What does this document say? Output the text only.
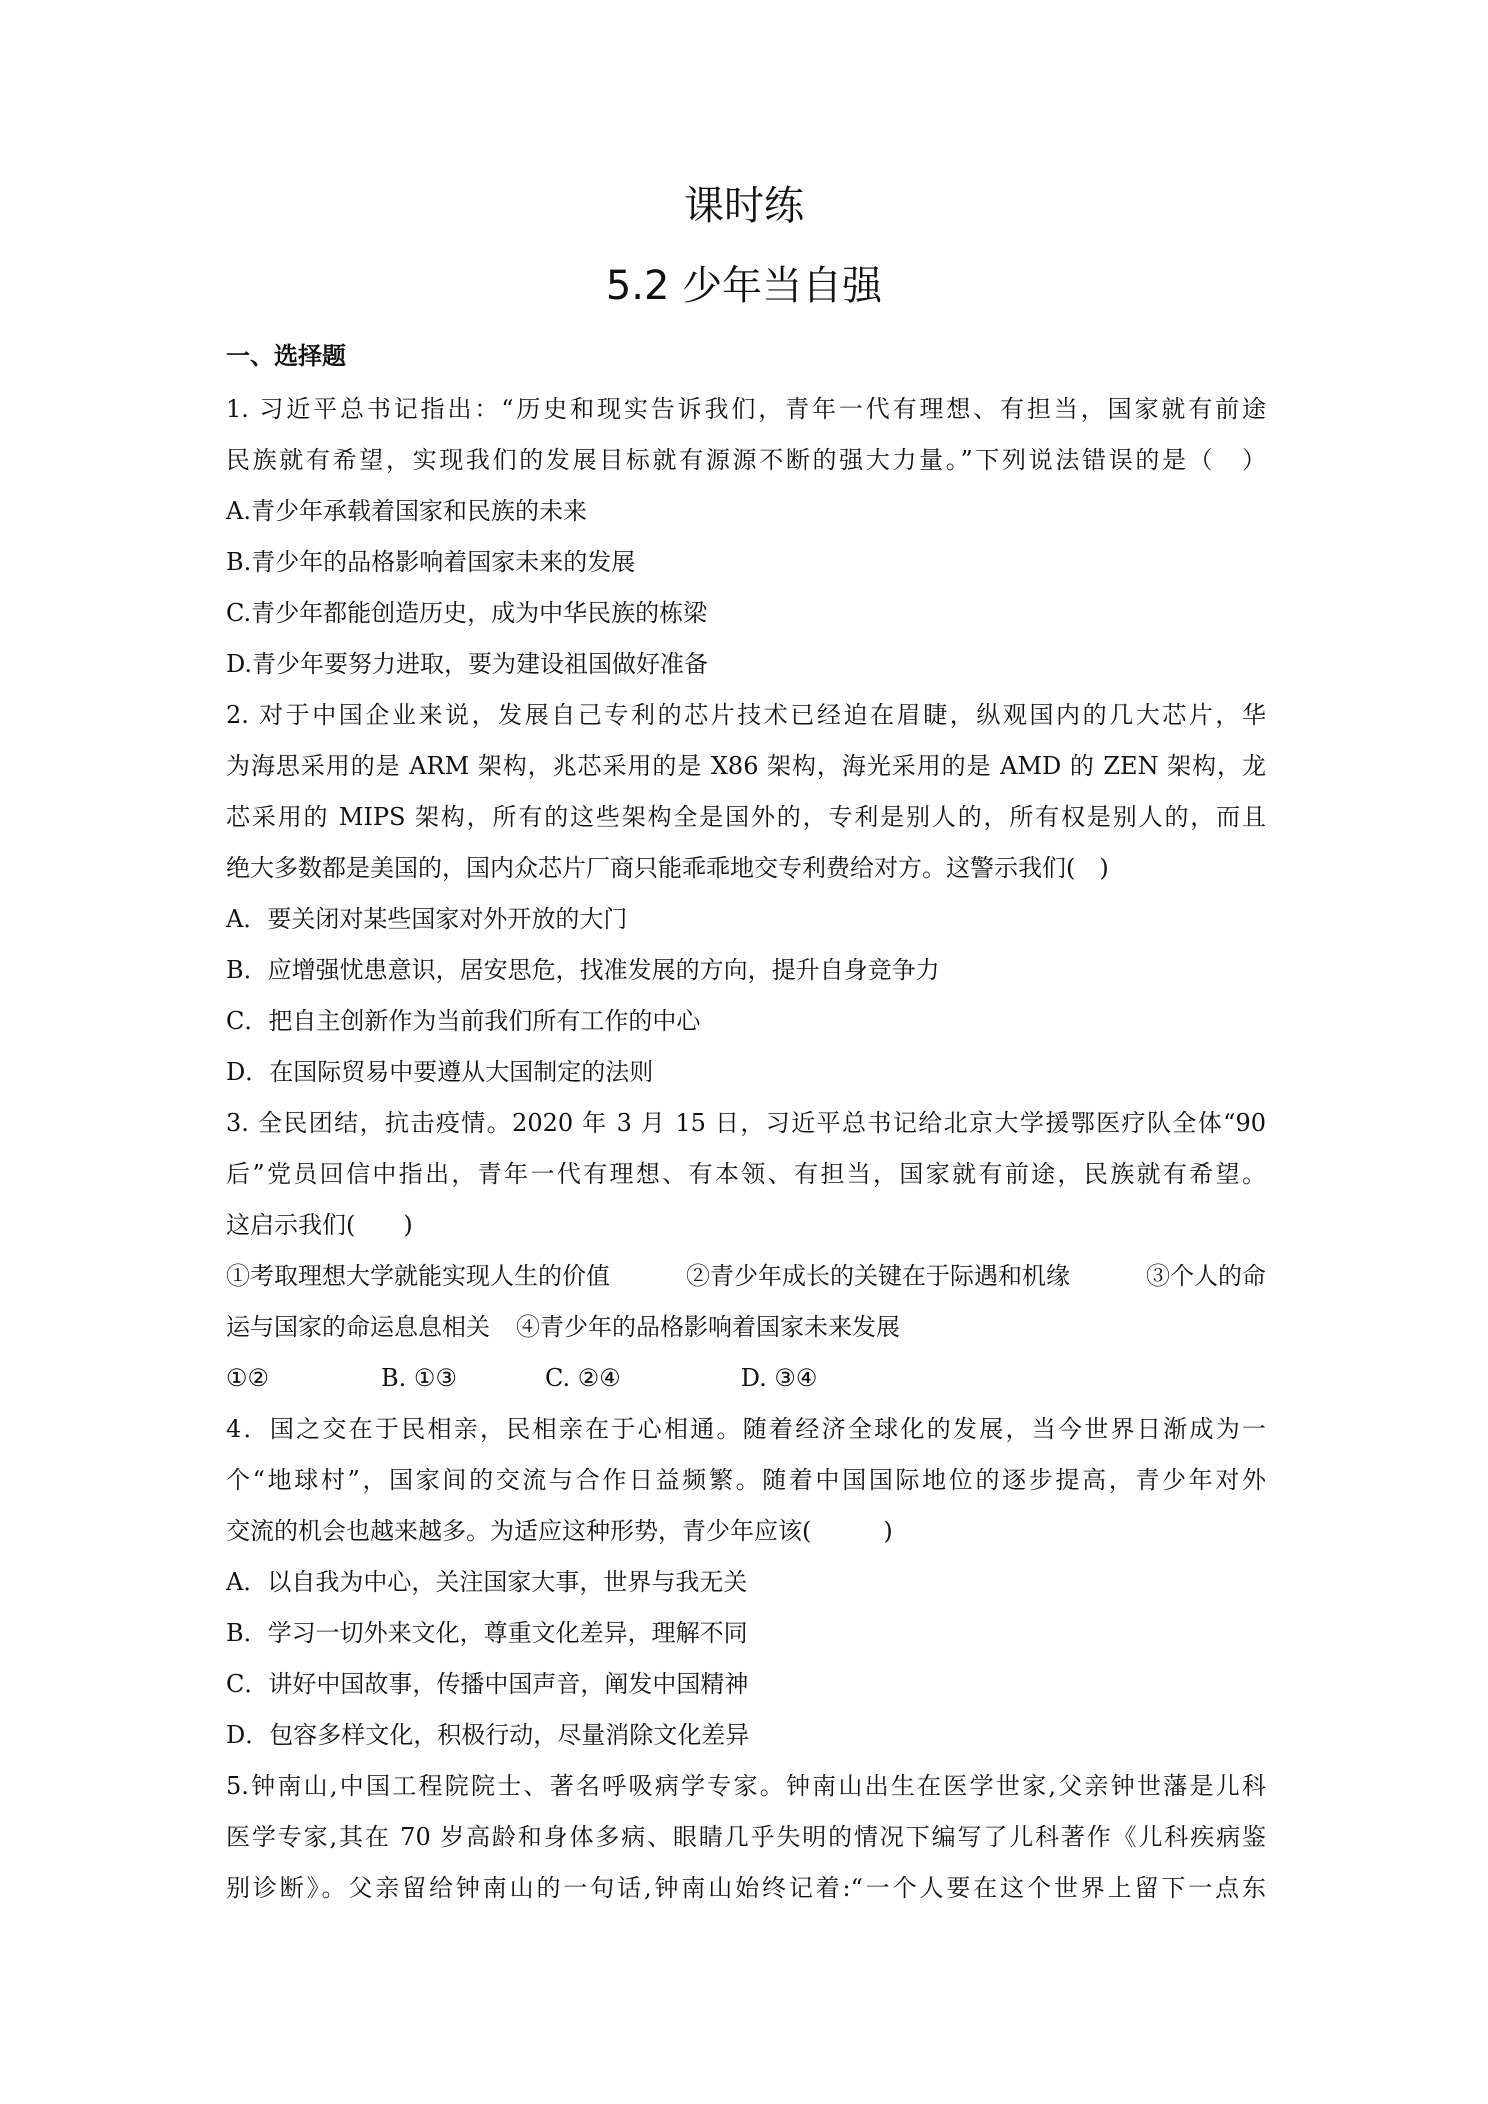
课时练
5.2 少年当自强
一、选择题
1. 习近平总书记指出：“历史和现实告诉我们，青年一代有理想、有担当，国家就有前途
民族就有希望，实现我们的发展目标就有源源不断的强大力量。”下列说法错误的是（　）
A.青少年承载着国家和民族的未来
B.青少年的品格影响着国家未来的发展
C.青少年都能创造历史，成为中华民族的栋梁
D.青少年要努力进取，要为建设祖国做好准备
2. 对于中国企业来说，发展自己专利的芯片技术已经迫在眉睫，纵观国内的几大芯片，华
为海思采用的是 ARM 架构，兆芯采用的是 X86 架构，海光采用的是 AMD 的 ZEN 架构，龙
芯采用的 MIPS 架构，所有的这些架构全是国外的，专利是别人的，所有权是别人的，而且
绝大多数都是美国的，国内众芯片厂商只能乖乖地交专利费给对方。这警示我们(　)
A．要关闭对某些国家对外开放的大门
B．应增强忧患意识，居安思危，找准发展的方向，提升自身竞争力
C．把自主创新作为当前我们所有工作的中心
D．在国际贸易中要遵从大国制定的法则
3. 全民团结，抗击疫情。2020 年 3 月 15 日，习近平总书记给北京大学援鄂医疗队全体“90
后”党员回信中指出，青年一代有理想、有本领、有担当，国家就有前途，民族就有希望。
这启示我们(　　)
①考取理想大学就能实现人生的价值	②青少年成长的关键在于际遇和机缘	③个人的命
运与国家的命运息息相关 ④青少年的品格影响着国家未来发展
①②	B. ①③	C. ②④	D. ③④
4．国之交在于民相亲，民相亲在于心相通。随着经济全球化的发展，当今世界日渐成为一
个“地球村”，国家间的交流与合作日益频繁。随着中国国际地位的逐步提高，青少年对外
交流的机会也越来越多。为适应这种形势，青少年应该(　　　)
A．以自我为中心，关注国家大事，世界与我无关
B．学习一切外来文化，尊重文化差异，理解不同
C．讲好中国故事，传播中国声音，阐发中国精神
D．包容多样文化，积极行动，尽量消除文化差异
5.钟南山,中国工程院院士、著名呼吸病学专家。钟南山出生在医学世家,父亲钟世藩是儿科
医学专家,其在 70 岁高龄和身体多病、眼睛几乎失明的情况下编写了儿科著作《儿科疾病鉴
别诊断》。父亲留给钟南山的一句话,钟南山始终记着:“一个人要在这个世界上留下一点东
